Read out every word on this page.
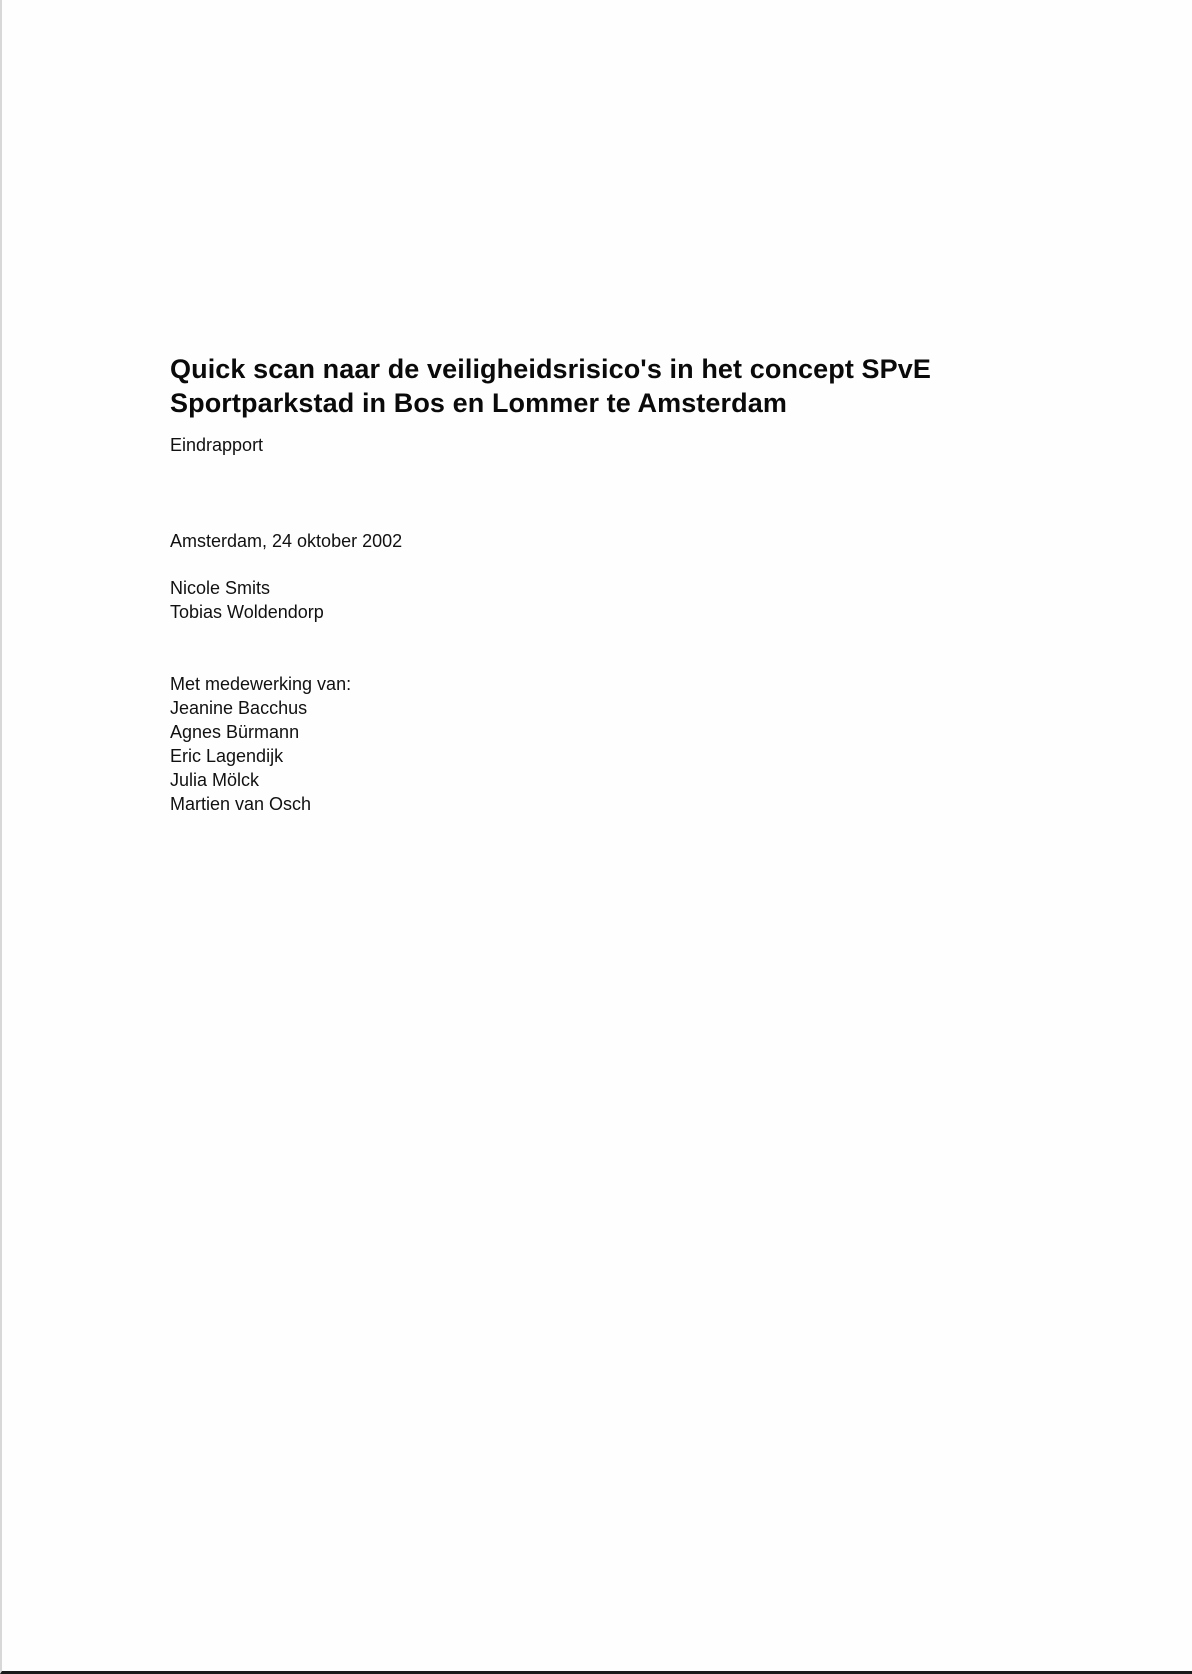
Quick scan naar de veiligheidsrisico's in het concept SPvE
Sportparkstad in Bos en Lommer te Amsterdam

Eindrapport

Amsterdam, 24 oktober 2002

Nicole Smits
Tobias Woldendorp
Met medewerking van:
Jeanine Bacchus
Agnes Bürmann
Eric Lagendijk
Julia Mölck
Martien van Osch
